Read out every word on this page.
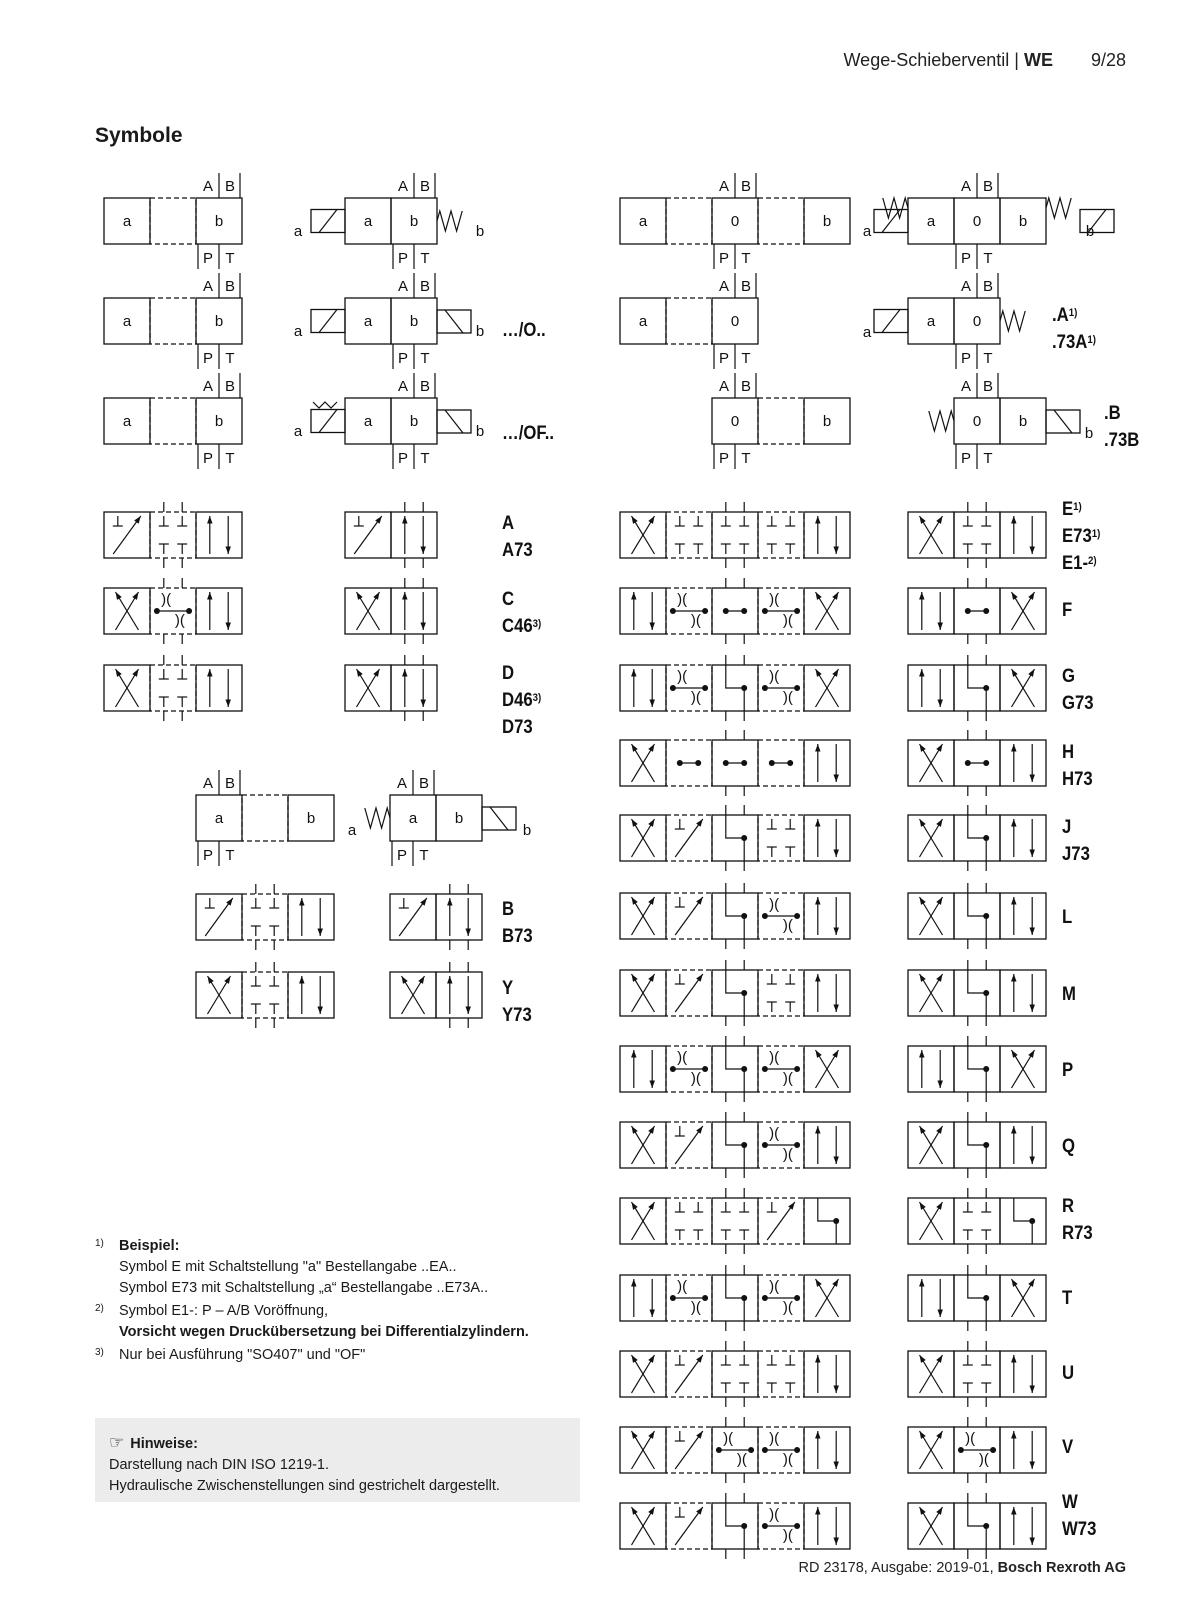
Wege-Schieberventil | WE 9/28
Symbole
a	b
A B
P T
a	b
A B
P T
a	b
a	b
A B
P T
a	b
A B
P T
a	b
a	b
A B
P T
a	b
A B
P T
a	b
a	0	b
A B
P T
a	0	b
A B
P T
a	b
a	0
A B
P T
a	0
A B
P T
a
0	b
A B
P T
0	b
A B
P T
b
)(
)(
a	b
A B
P T
a	b
A B
P T
a	b
)(
)(
)(
)(
)(
)(
)(
)(
)(
)(
)(
)(
)(
)(
)(
)(
)(
)(
)(
)(
)(
)(
)(
)(
)(
)(
)(
)(
…/O..
…/OF..
$.A^{1)}$
$.73A^{1)}$
.B
.73B
A
A73
C
C46$^{3)}$
D
D46$^{3)}$
D73
B
B73
Y
Y73
$E^{1)}$
E73$^{1)}$
E1-$^{2)}$
F
G
G73
H
H73
J
J73
L
M
P
Q
R
R73
T
U
V
W
W73
1) Beispiel:
Symbol E mit Schaltstellung "a" Bestellangabe ..EA..
Symbol E73 mit Schaltstellung „a“ Bestellangabe ..E73A..
2) Symbol E1-: P – A/B Voröffnung,
Vorsicht wegen Druckübersetzung bei Differentialzylindern.
3) Nur bei Ausführung "SO407" und "OF"
☞ Hinweise:
Darstellung nach DIN ISO 1219-1.
Hydraulische Zwischenstellungen sind gestrichelt dargestellt.
RD 23178, Ausgabe: 2019-01, Bosch Rexroth AG
